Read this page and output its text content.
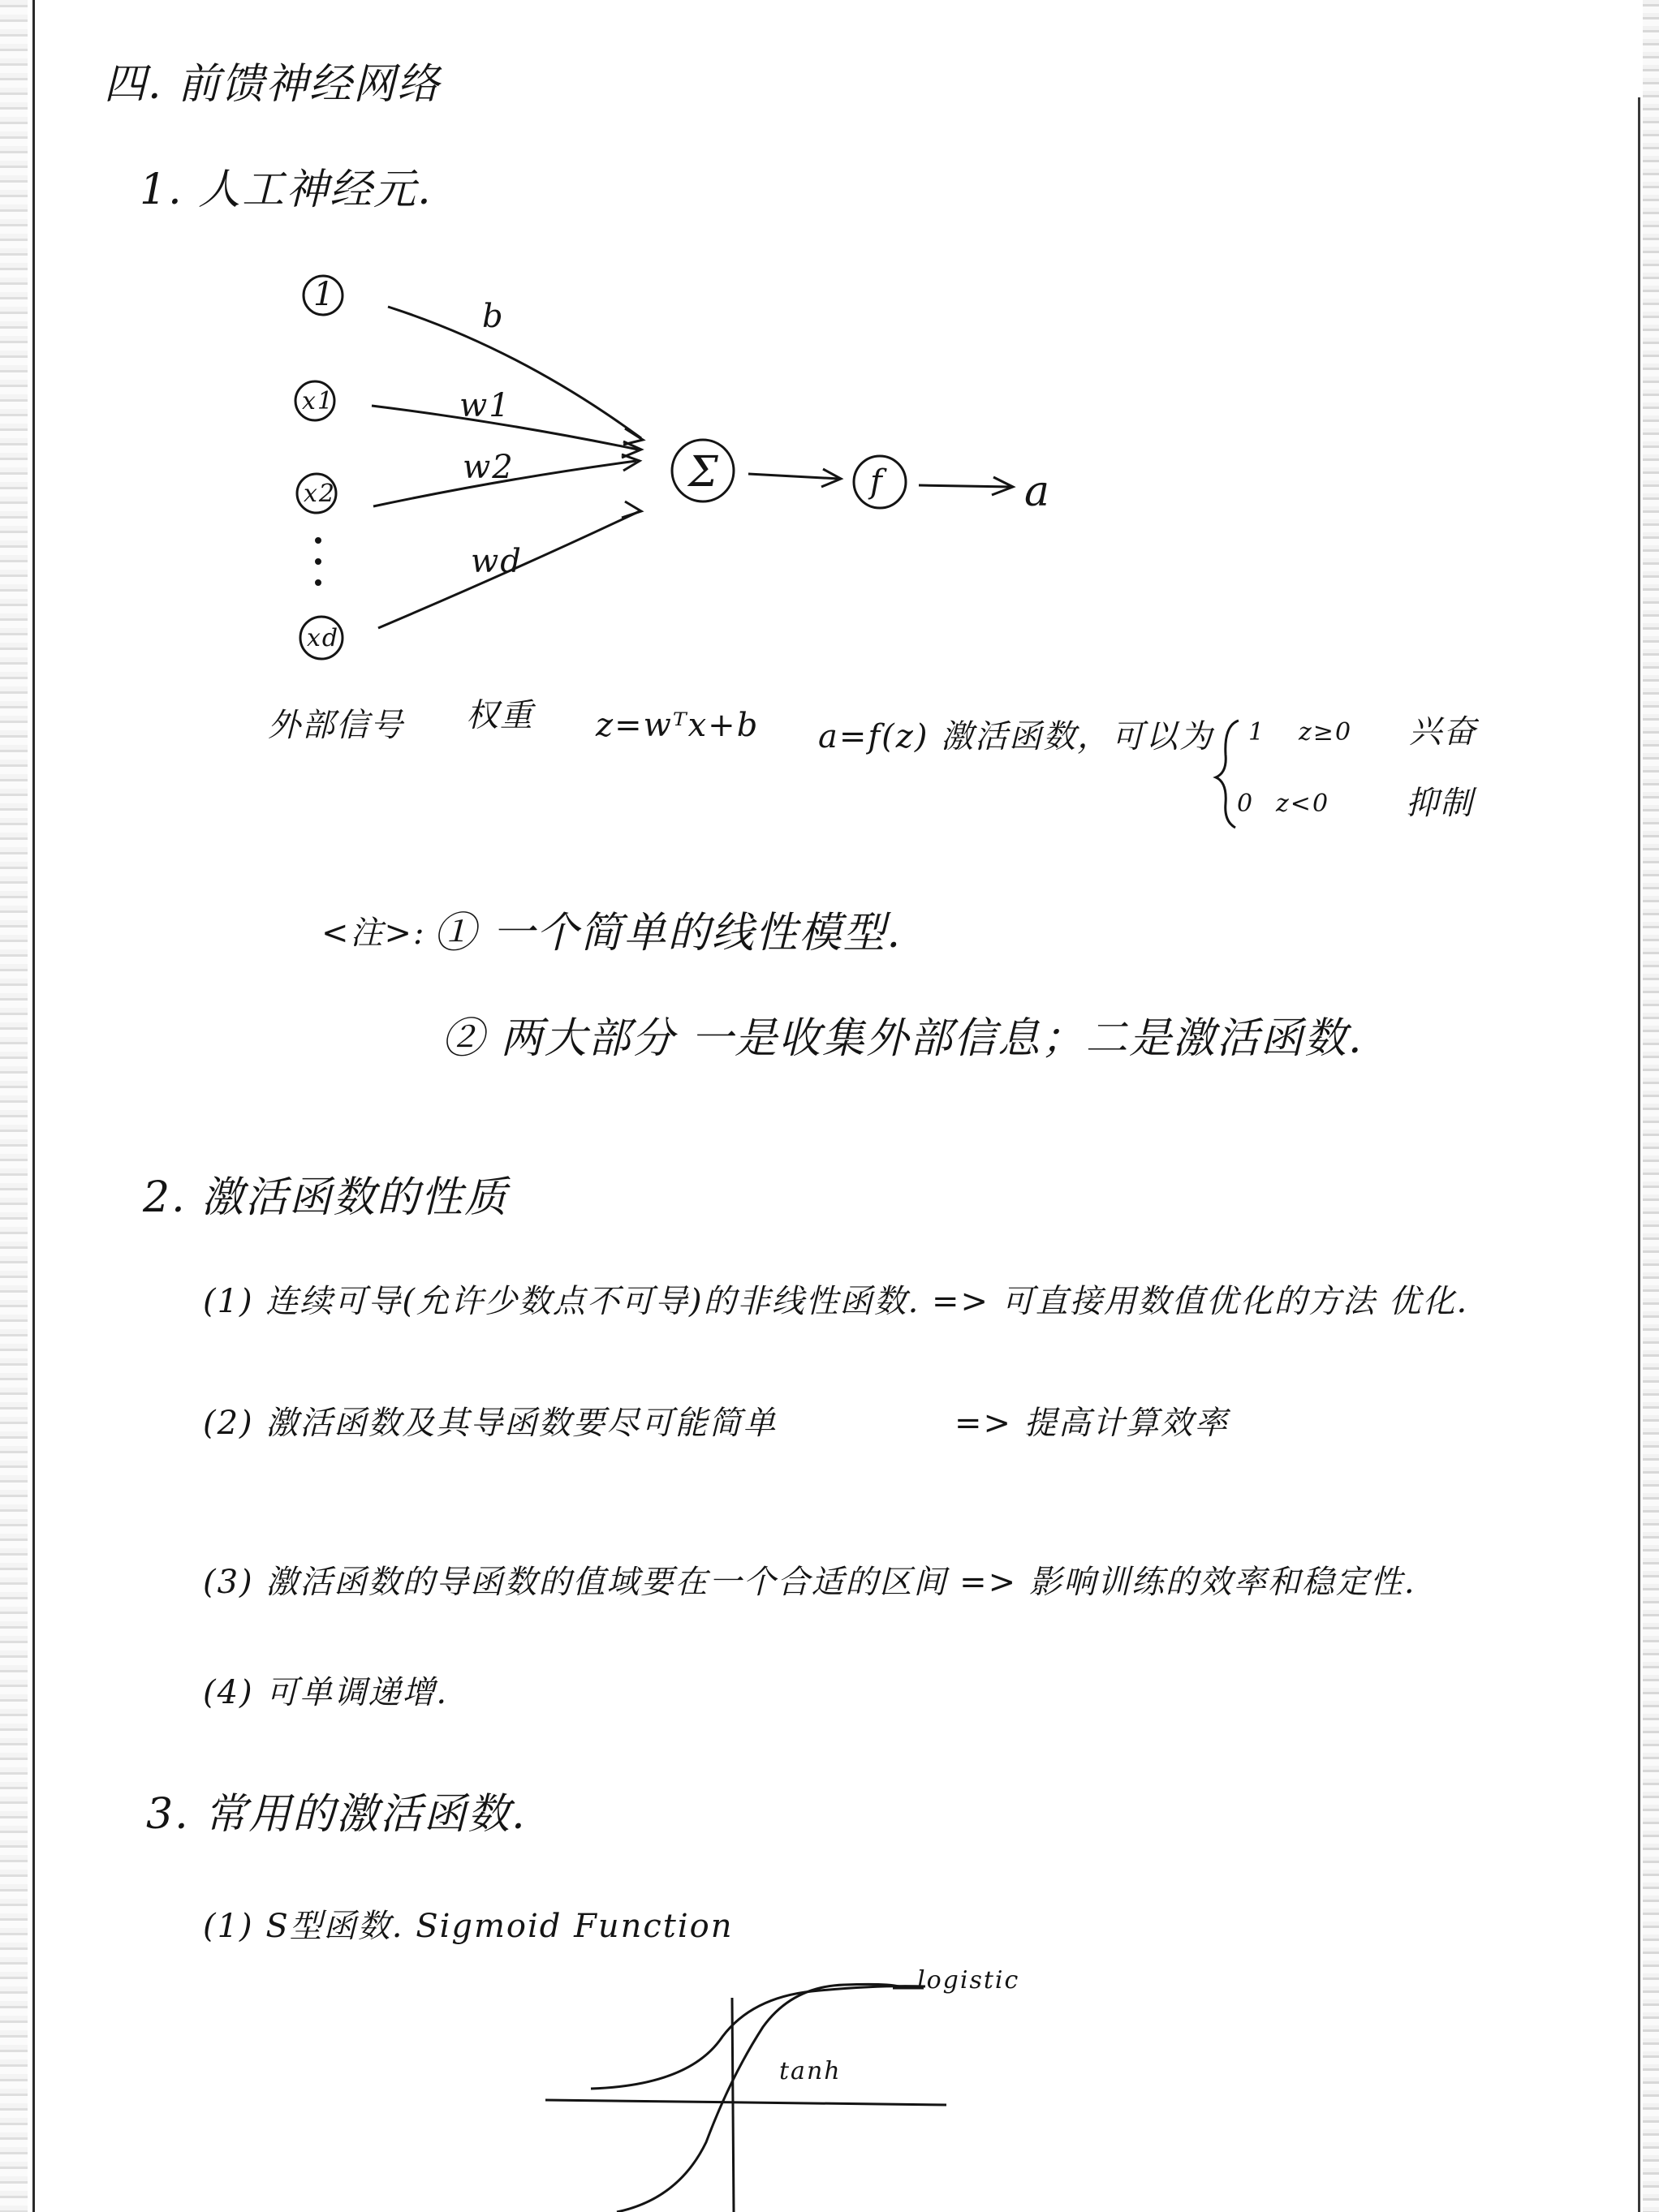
四. 前馈神经网络
1. 人工神经元.
1
x1
x2
xd
b
w1
w2
wd
Σ	f	a
外部信号 权重 z=wᵀx+b a=f(z) 激活函数，可以为 1 z≥0 兴奋
0 z<0 抑制
<注>: ① 一个简单的线性模型.
② 两大部分 一是收集外部信息；二是激活函数.
2. 激活函数的性质
(1) 连续可导(允许少数点不可导)的非线性函数. => 可直接用数值优化的方法 优化.
(2) 激活函数及其导函数要尽可能简单	=> 提高计算效率
(3) 激活函数的导函数的值域要在一个合适的区间 => 影响训练的效率和稳定性.
(4) 可单调递增.
3. 常用的激活函数.
(1) S型函数. Sigmoid Function
logistic
tanh
